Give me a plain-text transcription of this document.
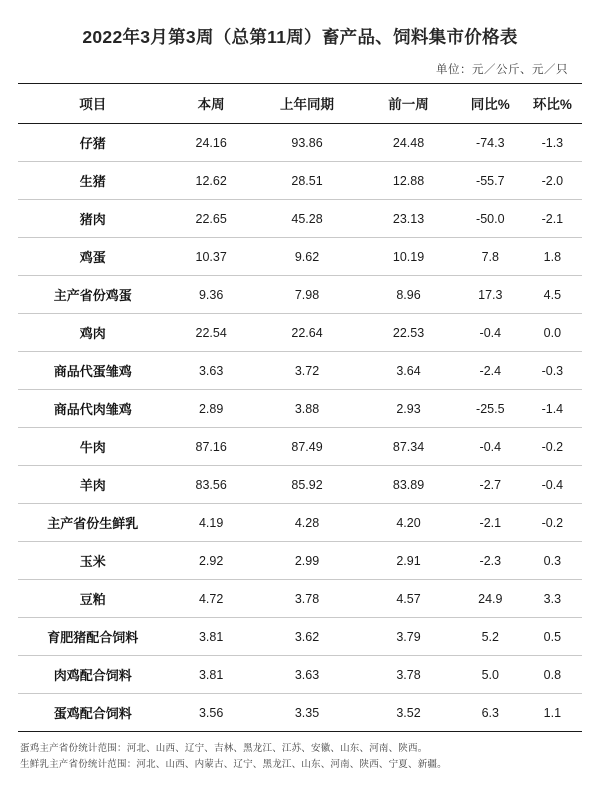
2022年3月第3周（总第11周）畜产品、饲料集市价格表
单位：元／公斤、元／只
项目	本周	上年同期	前一周	同比%	环比%
仔猪	24.16	93.86	24.48	-74.3	-1.3
生猪	12.62	28.51	12.88	-55.7	-2.0
猪肉	22.65	45.28	23.13	-50.0	-2.1
鸡蛋	10.37	9.62	10.19	7.8	1.8
主产省份鸡蛋	9.36	7.98	8.96	17.3	4.5
鸡肉	22.54	22.64	22.53	-0.4	0.0
商品代蛋雏鸡	3.63	3.72	3.64	-2.4	-0.3
商品代肉雏鸡	2.89	3.88	2.93	-25.5	-1.4
牛肉	87.16	87.49	87.34	-0.4	-0.2
羊肉	83.56	85.92	83.89	-2.7	-0.4
主产省份生鲜乳	4.19	4.28	4.20	-2.1	-0.2
玉米	2.92	2.99	2.91	-2.3	0.3
豆粕	4.72	3.78	4.57	24.9	3.3
育肥猪配合饲料	3.81	3.62	3.79	5.2	0.5
肉鸡配合饲料	3.81	3.63	3.78	5.0	0.8
蛋鸡配合饲料	3.56	3.35	3.52	6.3	1.1
蛋鸡主产省份统计范围：河北、山西、辽宁、吉林、黑龙江、江苏、安徽、山东、河南、陕西。
生鲜乳主产省份统计范围：河北、山西、内蒙古、辽宁、黑龙江、山东、河南、陕西、宁夏、新疆。
